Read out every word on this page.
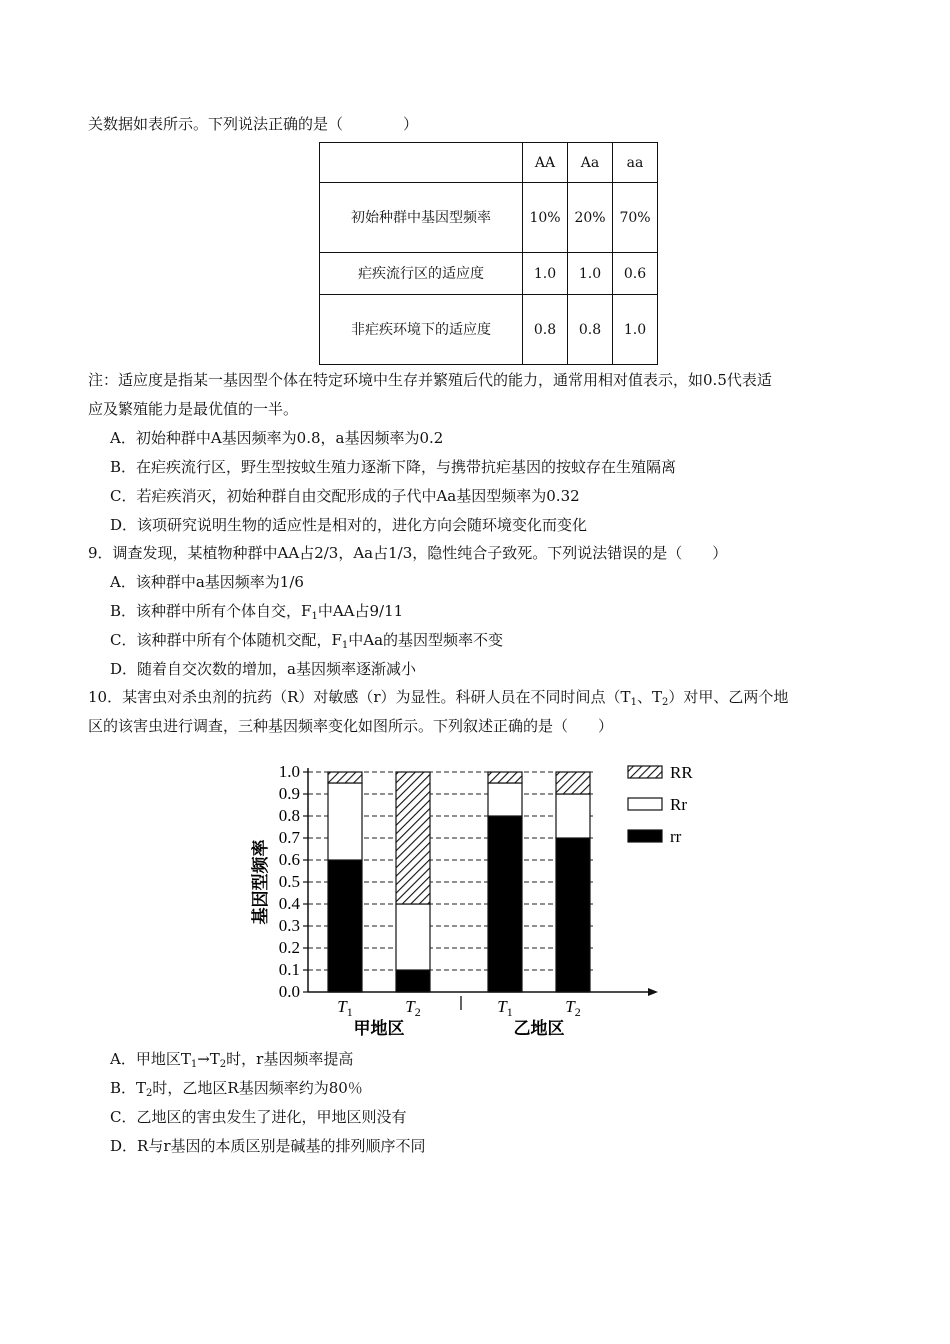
关数据如表所示。下列说法正确的是（　　　　）
	AA	Aa	aa
初始种群中基因型频率	10%	20%	70%
疟疾流行区的适应度	1.0	1.0	0.6
非疟疾环境下的适应度	0.8	0.8	1.0
注：适应度是指某一基因型个体在特定环境中生存并繁殖后代的能力，通常用相对值表示，如0.5代表适
应及繁殖能力是最优值的一半。
A．初始种群中A基因频率为0.8，a基因频率为0.2
B．在疟疾流行区，野生型按蚊生殖力逐渐下降，与携带抗疟基因的按蚊存在生殖隔离
C．若疟疾消灭，初始种群自由交配形成的子代中Aa基因型频率为0.32
D．该项研究说明生物的适应性是相对的，进化方向会随环境变化而变化
9．调查发现，某植物种群中AA占2/3，Aa占1/3，隐性纯合子致死。下列说法错误的是（　　）
A．该种群中a基因频率为1/6
B．该种群中所有个体自交，$F_1$中AA占9/11
C．该种群中所有个体随机交配，$F_1$中Aa的基因型频率不变
D．随着自交次数的增加，a基因频率逐渐减小
10．某害虫对杀虫剂的抗药（R）对敏感（r）为显性。科研人员在不同时间点（$T_1$、$T_2$）对甲、乙两个地
区的该害虫进行调查，三种基因频率变化如图所示。下列叙述正确的是（　　）
0.0
0.1
0.2
0.3
0.4
0.5
0.6
0.7
0.8
0.9
1.0
基因型频率
$T_1$	$T_2$	$T_1$	$T_2$
甲地区	乙地区
RR
Rr
rr
A．甲地区$T_1\to T_2$时，r基因频率提高
B．$T_2$时，乙地区R基因频率约为80％
C．乙地区的害虫发生了进化，甲地区则没有
D．R与r基因的本质区别是碱基的排列顺序不同
